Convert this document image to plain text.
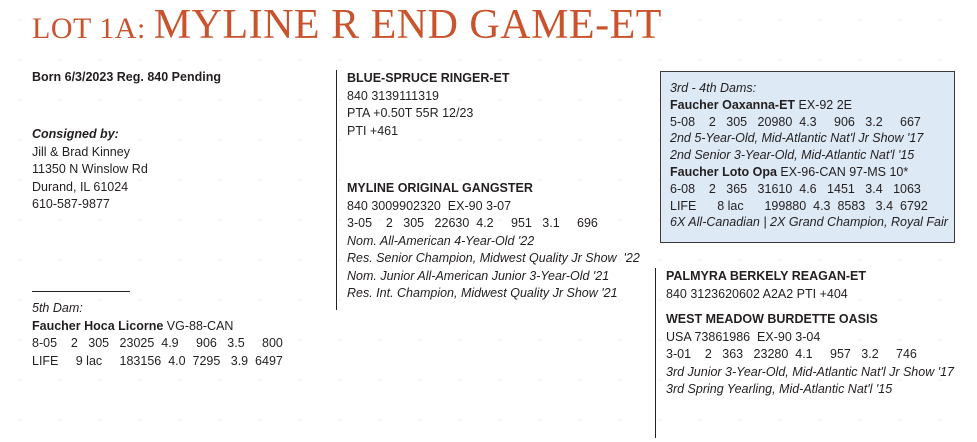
LOT 1A: MYLINE R END GAME-ET
Born 6/3/2023 Reg. 840 Pending
Consigned by:
Jill & Brad Kinney
11350 N Winslow Rd
Durand, IL 61024
610-587-9877
5th Dam:
Faucher Hoca Licorne VG-88-CAN
8-05    2   305   23025  4.9     906   3.5     800
LIFE     9 lac     183156  4.0  7295   3.9  6497
BLUE-SPRUCE RINGER-ET
840 3139111319
PTA +0.50T 55R 12/23
PTI +461
MYLINE ORIGINAL GANGSTER
840 3009902320  EX-90 3-07
3-05    2   305   22630  4.2     951   3.1     696
Nom. All-American 4-Year-Old '22
Res. Senior Champion, Midwest Quality Jr Show  '22
Nom. Junior All-American Junior 3-Year-Old '21
Res. Int. Champion, Midwest Quality Jr Show '21
3rd - 4th Dams:
Faucher Oaxanna-ET EX-92 2E
5-08    2   305   20980  4.3     906   3.2     667
2nd 5-Year-Old, Mid-Atlantic Nat'l Jr Show '17
2nd Senior 3-Year-Old, Mid-Atlantic Nat'l '15
Faucher Loto Opa EX-96-CAN 97-MS 10*
6-08    2   365   31610  4.6   1451   3.4   1063
LIFE      8 lac      199880  4.3  8583   3.4  6792
6X All-Canadian | 2X Grand Champion, Royal Fair
PALMYRA BERKELY REAGAN-ET
840 3123620602 A2A2 PTI +404
WEST MEADOW BURDETTE OASIS
USA 73861986  EX-90 3-04
3-01    2   363   23280  4.1     957   3.2     746
3rd Junior 3-Year-Old, Mid-Atlantic Nat'l Jr Show '17
3rd Spring Yearling, Mid-Atlantic Nat'l '15
